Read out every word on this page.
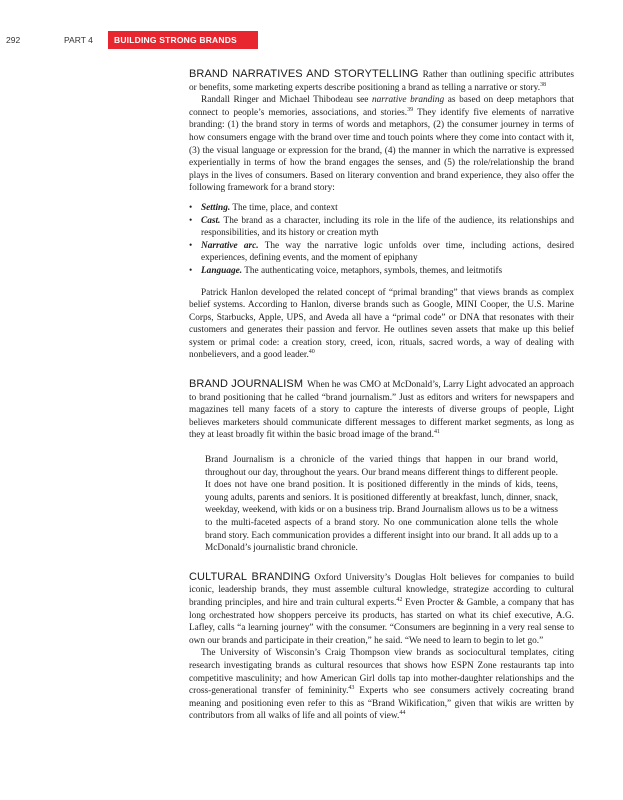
292	PART 4 BUILDING STRONG BRANDS

BRAND NARRATIVES AND STORYTELLING Rather than outlining specific attributes or benefits, some marketing experts describe positioning a brand as telling a narrative or story.$^{38}$

Randall Ringer and Michael Thibodeau see narrative branding as based on deep metaphors that connect to people’s memories, associations, and stories.$^{39}$ They identify five elements of narrative branding: (1) the brand story in terms of words and metaphors, (2) the consumer journey in terms of how consumers engage with the brand over time and touch points where they come into contact with it, (3) the visual language or expression for the brand, (4) the manner in which the narrative is expressed experientially in terms of how the brand engages the senses, and (5) the role/relationship the brand plays in the lives of consumers. Based on literary convention and brand experience, they also offer the following framework for a brand story:

• Setting. The time, place, and context
• Cast. The brand as a character, including its role in the life of the audience, its relationships and responsibilities, and its history or creation myth
• Narrative arc. The way the narrative logic unfolds over time, including actions, desired experiences, defining events, and the moment of epiphany
• Language. The authenticating voice, metaphors, symbols, themes, and leitmotifs

Patrick Hanlon developed the related concept of “primal branding” that views brands as complex belief systems. According to Hanlon, diverse brands such as Google, MINI Cooper, the U.S. Marine Corps, Starbucks, Apple, UPS, and Aveda all have a “primal code” or DNA that resonates with their customers and generates their passion and fervor. He outlines seven assets that make up this belief system or primal code: a creation story, creed, icon, rituals, sacred words, a way of dealing with nonbelievers, and a good leader.$^{40}$

BRAND JOURNALISM When he was CMO at McDonald’s, Larry Light advocated an approach to brand positioning that he called “brand journalism.” Just as editors and writers for newspapers and magazines tell many facets of a story to capture the interests of diverse groups of people, Light believes marketers should communicate different messages to different market segments, as long as they at least broadly fit within the basic broad image of the brand.$^{41}$

Brand Journalism is a chronicle of the varied things that happen in our brand world, throughout our day, throughout the years. Our brand means different things to different people. It does not have one brand position. It is positioned differently in the minds of kids, teens, young adults, parents and seniors. It is positioned differently at breakfast, lunch, dinner, snack, weekday, weekend, with kids or on a business trip. Brand Journalism allows us to be a witness to the multi-faceted aspects of a brand story. No one communication alone tells the whole brand story. Each communication provides a different insight into our brand. It all adds up to a McDonald’s journalistic brand chronicle.

CULTURAL BRANDING Oxford University’s Douglas Holt believes for companies to build iconic, leadership brands, they must assemble cultural knowledge, strategize according to cultural branding principles, and hire and train cultural experts.$^{42}$ Even Procter & Gamble, a company that has long orchestrated how shoppers perceive its products, has started on what its chief executive, A.G. Lafley, calls “a learning journey” with the consumer. “Consumers are beginning in a very real sense to own our brands and participate in their creation,” he said. “We need to learn to begin to let go.”

The University of Wisconsin’s Craig Thompson view brands as sociocultural templates, citing research investigating brands as cultural resources that shows how ESPN Zone restaurants tap into competitive masculinity; and how American Girl dolls tap into mother-daughter relationships and the cross-generational transfer of femininity.$^{43}$ Experts who see consumers actively cocreating brand meaning and positioning even refer to this as “Brand Wikification,” given that wikis are written by contributors from all walks of life and all points of view.$^{44}$
